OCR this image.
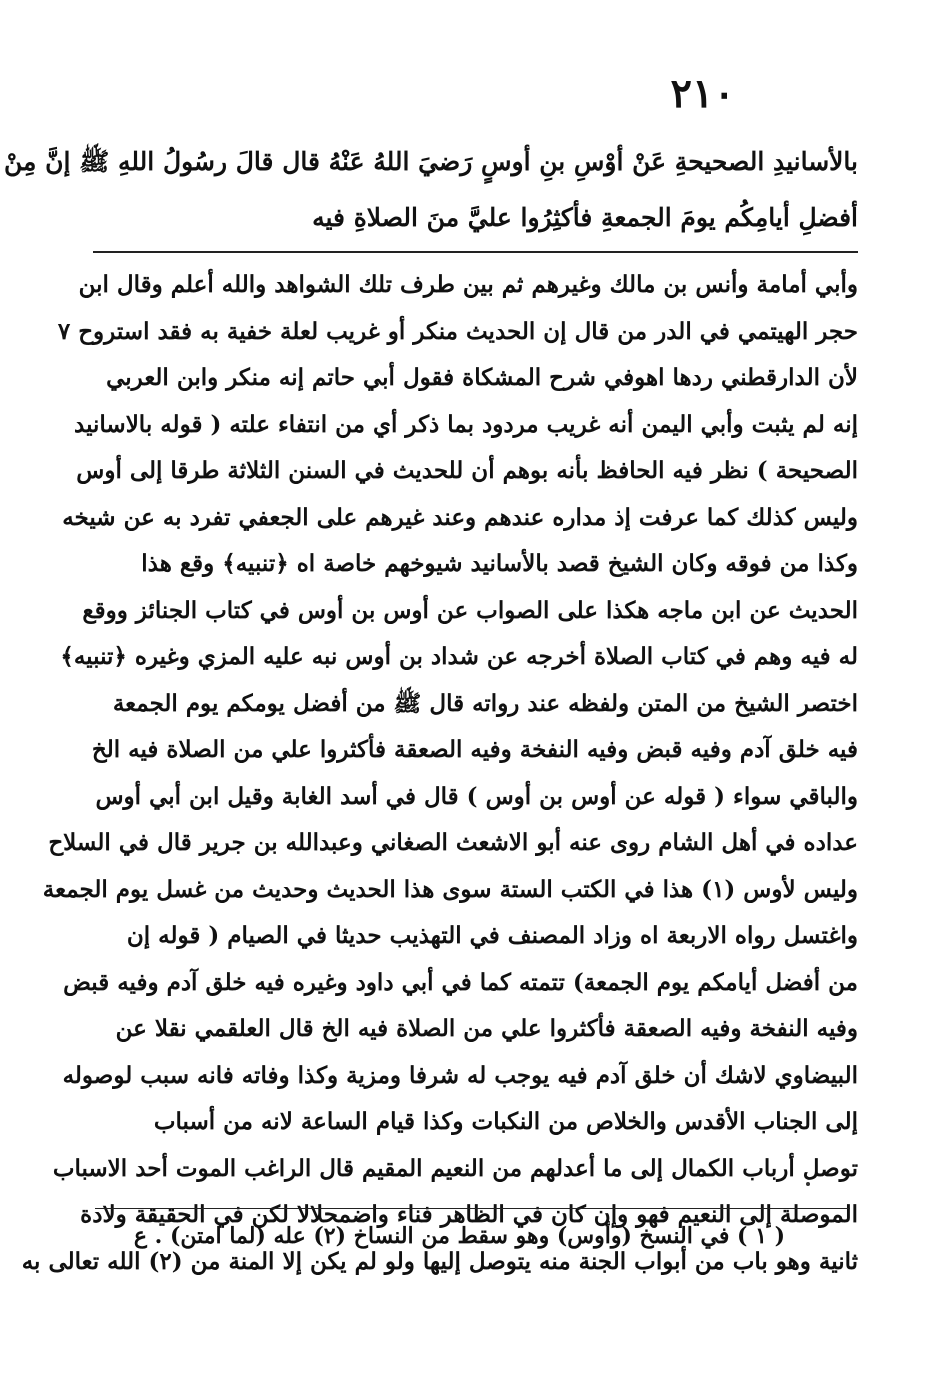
٢١٠
بالأسانيدِ الصحيحةِ عَنْ أوْسِ بنِ أوسٍ رَضيَ اللهُ عَنْهُ قال قالَ رسُولُ اللهِ ﷺ إنَّ مِنْ
أفضلِ أيامِكُم يومَ الجمعةِ فأكثِرُوا عليَّ منَ الصلاةِ فيه
وأبي أمامة وأنس بن مالك وغيرهم ثم بين طرف تلك الشواهد والله أعلم وقال ابن
حجر الهيتمي في الدر من قال إن الحديث منكر أو غريب لعلة خفية به فقد استروح ٧
لأن الدارقطني ردها اهوفي شرح المشكاة فقول أبي حاتم إنه منكر وابن العربي
إنه لم يثبت وأبي اليمن أنه غريب مردود بما ذكر أي من انتفاء علته ( قوله بالاسانيد
الصحيحة ) نظر فيه الحافظ بأنه بوهم أن للحديث في السنن الثلاثة طرقا إلى أوس
وليس كذلك كما عرفت إذ مداره عندهم وعند غيرهم على الجعفي تفرد به عن شيخه
وكذا من فوقه وكان الشيخ قصد بالأسانيد شيوخهم خاصة اه ﴿تنبيه﴾ وقع هذا
الحديث عن ابن ماجه هكذا على الصواب عن أوس بن أوس في كتاب الجنائز ووقع
له فيه وهم في كتاب الصلاة أخرجه عن شداد بن أوس نبه عليه المزي وغيره ﴿تنبيه﴾
اختصر الشيخ من المتن ولفظه عند رواته قال ﷺ من أفضل يومكم يوم الجمعة
فيه خلق آدم وفيه قبض وفيه النفخة وفيه الصعقة فأكثروا علي من الصلاة فيه الخ
والباقي سواء ( قوله عن أوس بن أوس ) قال في أسد الغابة وقيل ابن أبي أوس
عداده في أهل الشام روى عنه أبو الاشعث الصغاني وعبدالله بن جرير قال في السلاح
وليس لأوس (١) هذا في الكتب الستة سوى هذا الحديث وحديث من غسل يوم الجمعة
واغتسل رواه الاربعة اه وزاد المصنف في التهذيب حديثا في الصيام ( قوله إن
من أفضل أيامكم يوم الجمعة) تتمته كما في أبي داود وغيره فيه خلق آدم وفيه قبض
وفيه النفخة وفيه الصعقة فأكثروا علي من الصلاة فيه الخ قال العلقمي نقلا عن
البيضاوي لاشك أن خلق آدم فيه يوجب له شرفا ومزية وكذا وفاته فانه سبب لوصوله
إلى الجناب الأقدس والخلاص من النكبات وكذا قيام الساعة لانه من أسباب
توصل أرباب الكمال إلى ما أعدلهم من النعيم المقيم قال الراغب الموت أحد الاسباب
الموصلة إلى النعيم فهو وإن كان في الظاهر فناء واضمحلالا لكن في الحقيقة ولادة
ثانية وهو باب من أبواب الجنة منه يتوصل إليها ولو لم يكن إلا المنة من (٢) الله تعالى به
( ١ ) في النسخ (وأوس) وهو سقط من النساخ (٢) عله (لما امتن) . ع
